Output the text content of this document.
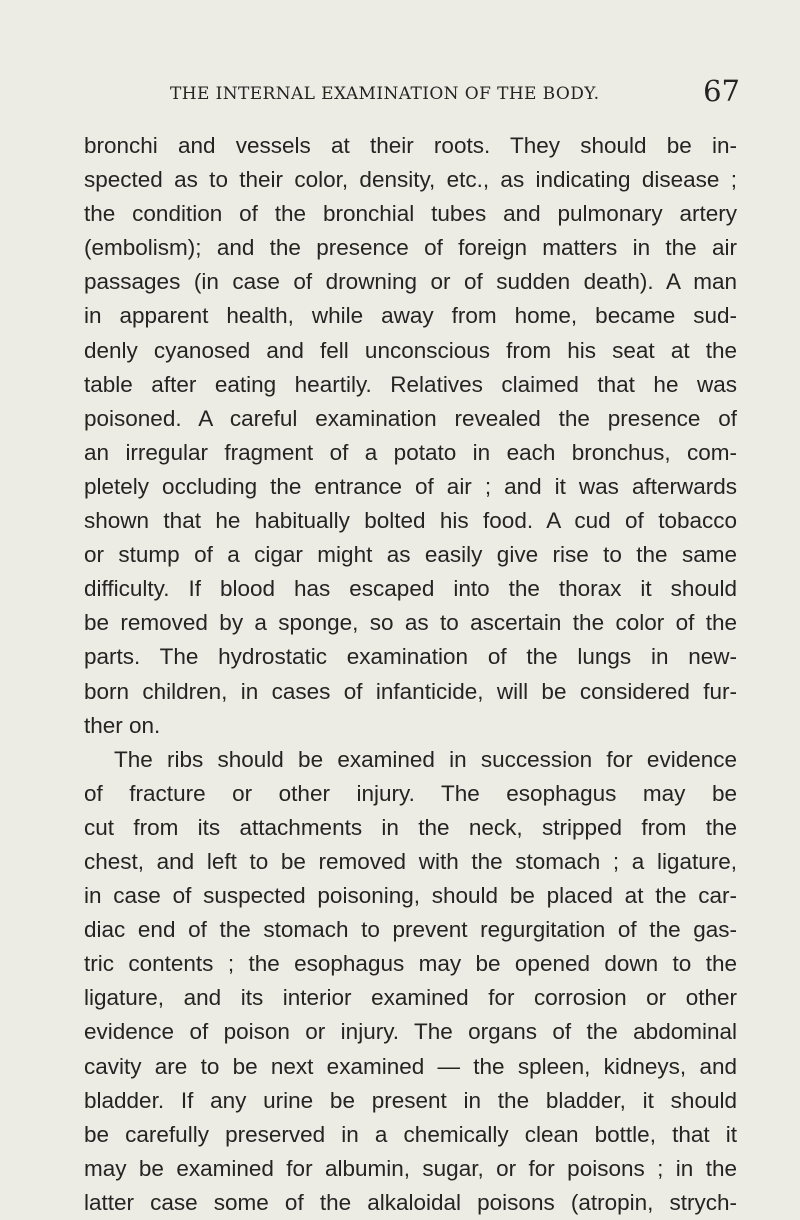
THE INTERNAL EXAMINATION OF THE BODY.	67
bronchi and vessels at their roots. They should be in-
spected as to their color, density, etc., as indicating disease ;
the condition of the bronchial tubes and pulmonary artery
(embolism); and the presence of foreign matters in the air
passages (in case of drowning or of sudden death). A man
in apparent health, while away from home, became sud-
denly cyanosed and fell unconscious from his seat at the
table after eating heartily. Relatives claimed that he was
poisoned. A careful examination revealed the presence of
an irregular fragment of a potato in each bronchus, com-
pletely occluding the entrance of air ; and it was afterwards
shown that he habitually bolted his food. A cud of tobacco
or stump of a cigar might as easily give rise to the same
difficulty. If blood has escaped into the thorax it should
be removed by a sponge, so as to ascertain the color of the
parts. The hydrostatic examination of the lungs in new-
born children, in cases of infanticide, will be considered fur-
ther on.
The ribs should be examined in succession for evidence
of fracture or other injury. The esophagus may be
cut from its attachments in the neck, stripped from the
chest, and left to be removed with the stomach ; a ligature,
in case of suspected poisoning, should be placed at the car-
diac end of the stomach to prevent regurgitation of the gas-
tric contents ; the esophagus may be opened down to the
ligature, and its interior examined for corrosion or other
evidence of poison or injury. The organs of the abdominal
cavity are to be next examined — the spleen, kidneys, and
bladder. If any urine be present in the bladder, it should
be carefully preserved in a chemically clean bottle, that it
may be examined for albumin, sugar, or for poisons ; in the
latter case some of the alkaloidal poisons (atropin, strych-
